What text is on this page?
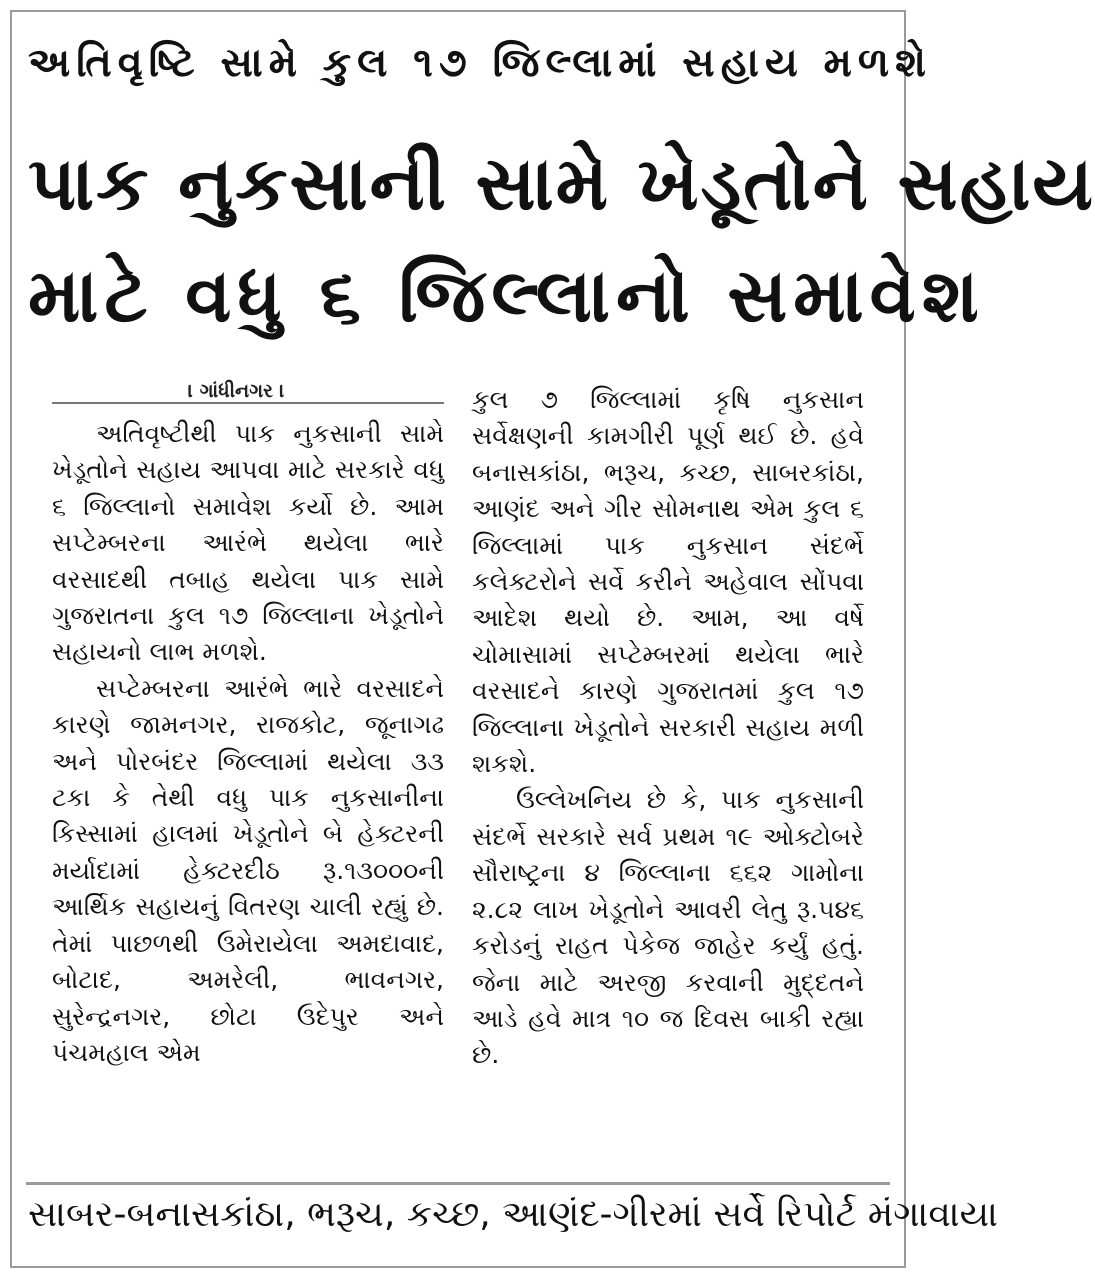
અતિવૃષ્ટિ સામે કુલ ૧૭ જિલ્લામાં સહાય મળશે
પાક નુકસાની સામે ખેડૂતોને સહાય
માટે વધુ ૬ જિલ્લાનો સમાવેશ
। ગાંધીનગર ।

અતિવૃષ્ટીથી પાક નુકસાની સામે ખેડૂતોને સહાય આપવા માટે સરકારે વધુ ૬ જિલ્લાનો સમાવેશ કર્યો છે. આમ સપ્ટેમ્બરના આરંભે થયેલા ભારે વરસાદથી તબાહ થયેલા પાક સામે ગુજરાતના કુલ ૧૭ જિલ્લાના ખેડૂતોને સહાયનો લાભ મળશે.

સપ્ટેમ્બરના આરંભે ભારે વરસાદને કારણે જામનગર, રાજકોટ, જૂનાગઢ અને પોરબંદર જિલ્લામાં થયેલા ૩૩ ટકા કે તેથી વધુ પાક નુકસાનીના કિસ્સામાં હાલમાં ખેડૂતોને બે હેક્ટરની મર્યાદામાં હેક્ટરદીઠ રૂ.૧૩૦૦૦ની આર્થિક સહાયનું વિતરણ ચાલી રહ્યું છે. તેમાં પાછળથી ઉમેરાયેલા અમદાવાદ, બોટાદ, અમરેલી, ભાવનગર, સુરેન્દ્રનગર, છોટા ઉદેપુર અને પંચમહાલ એમ

કુલ ૭ જિલ્લામાં કૃષિ નુકસાન સર્વેક્ષણની કામગીરી પૂર્ણ થઈ છે. હવે બનાસકાંઠા, ભરૂચ, કચ્છ, સાબરકાંઠા, આણંદ અને ગીર સોમનાથ એમ કુલ ૬ જિલ્લામાં પાક નુકસાન સંદર્ભે કલેક્ટરોને સર્વે કરીને અહેવાલ સોંપવા આદેશ થયો છે. આમ, આ વર્ષે ચોમાસામાં સપ્ટેમ્બરમાં થયેલા ભારે વરસાદને કારણે ગુજરાતમાં કુલ ૧૭ જિલ્લાના ખેડૂતોને સરકારી સહાય મળી શકશે.

ઉલ્લેખનિય છે કે, પાક નુકસાની સંદર્ભે સરકારે સર્વ પ્રથમ ૧૯ ઓક્ટોબરે સૌરાષ્ટ્રના ૪ જિલ્લાના ૬૬૨ ગામોના ૨.૮૨ લાખ ખેડૂતોને આવરી લેતુ રૂ.૫૪૬ કરોડનું રાહત પેકેજ જાહેર કર્યું હતું. જેના માટે અરજી કરવાની મુદ્દતને આડે હવે માત્ર ૧૦ જ દિવસ બાકી રહ્યા છે.

સાબર-બનાસકાંઠા, ભરૂચ, કચ્છ, આણંદ-ગીરમાં સર્વે રિપોર્ટ મંગાવાયા
